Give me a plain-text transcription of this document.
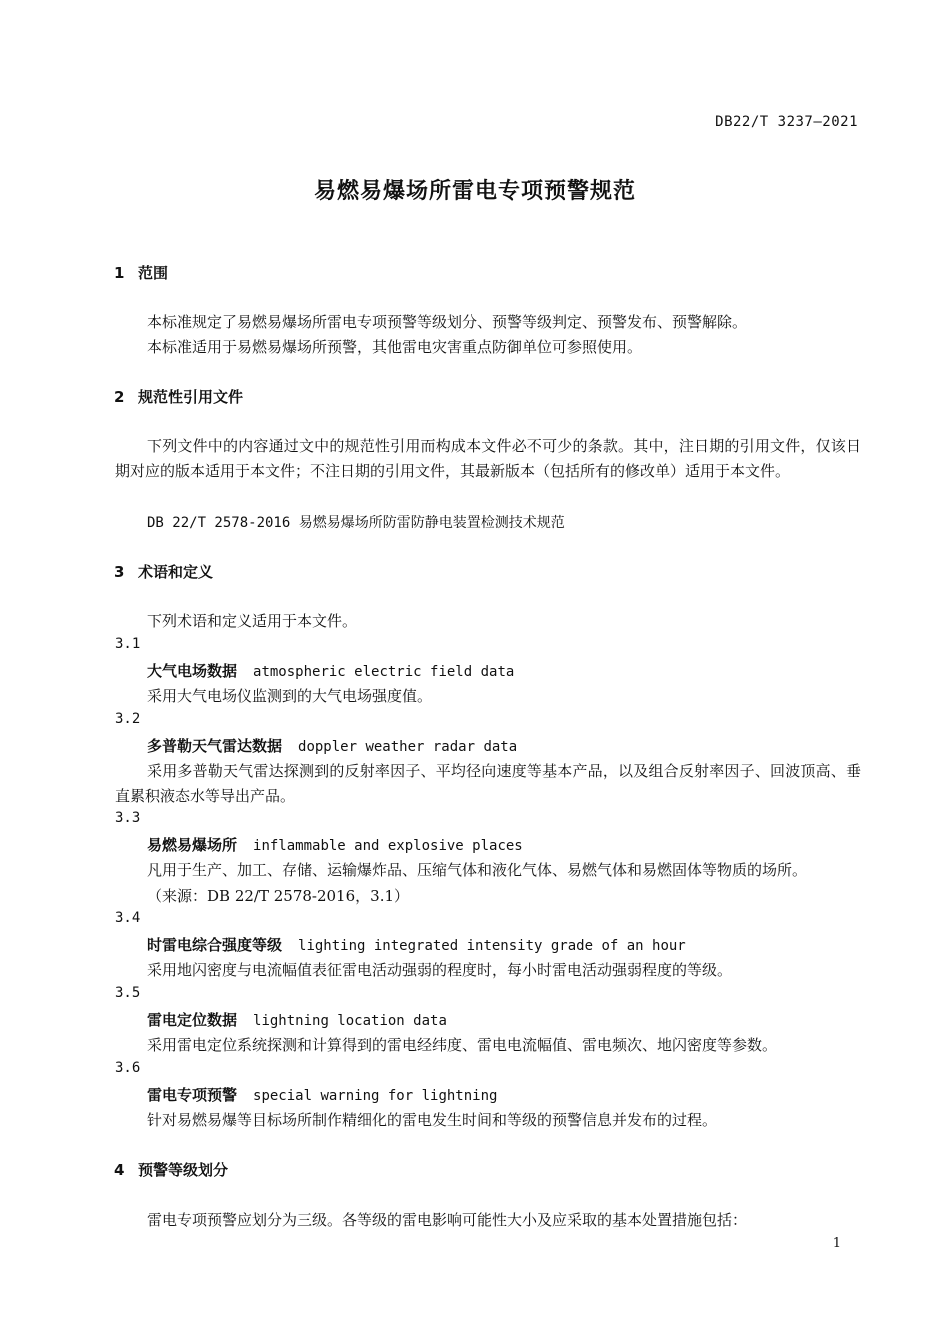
DB22/T 3237—2021
易燃易爆场所雷电专项预警规范
1 范围
本标准规定了易燃易爆场所雷电专项预警等级划分、预警等级判定、预警发布、预警解除。
本标准适用于易燃易爆场所预警，其他雷电灾害重点防御单位可参照使用。
2 规范性引用文件
下列文件中的内容通过文中的规范性引用而构成本文件必不可少的条款。其中，注日期的引用文件，仅该日期对应的版本适用于本文件；不注日期的引用文件，其最新版本（包括所有的修改单）适用于本文件。
DB 22/T 2578-2016 易燃易爆场所防雷防静电装置检测技术规范
3 术语和定义
下列术语和定义适用于本文件。
3.1
大气电场数据 atmospheric electric field data
采用大气电场仪监测到的大气电场强度值。
3.2
多普勒天气雷达数据 doppler weather radar data
采用多普勒天气雷达探测到的反射率因子、平均径向速度等基本产品，以及组合反射率因子、回波顶高、垂直累积液态水等导出产品。
3.3
易燃易爆场所 inflammable and explosive places
凡用于生产、加工、存储、运输爆炸品、压缩气体和液化气体、易燃气体和易燃固体等物质的场所。
（来源：DB 22/T 2578-2016，3.1）
3.4
时雷电综合强度等级 lighting integrated intensity grade of an hour
采用地闪密度与电流幅值表征雷电活动强弱的程度时，每小时雷电活动强弱程度的等级。
3.5
雷电定位数据 lightning location data
采用雷电定位系统探测和计算得到的雷电经纬度、雷电电流幅值、雷电频次、地闪密度等参数。
3.6
雷电专项预警 special warning for lightning
针对易燃易爆等目标场所制作精细化的雷电发生时间和等级的预警信息并发布的过程。
4 预警等级划分
雷电专项预警应划分为三级。各等级的雷电影响可能性大小及应采取的基本处置措施包括：
1
